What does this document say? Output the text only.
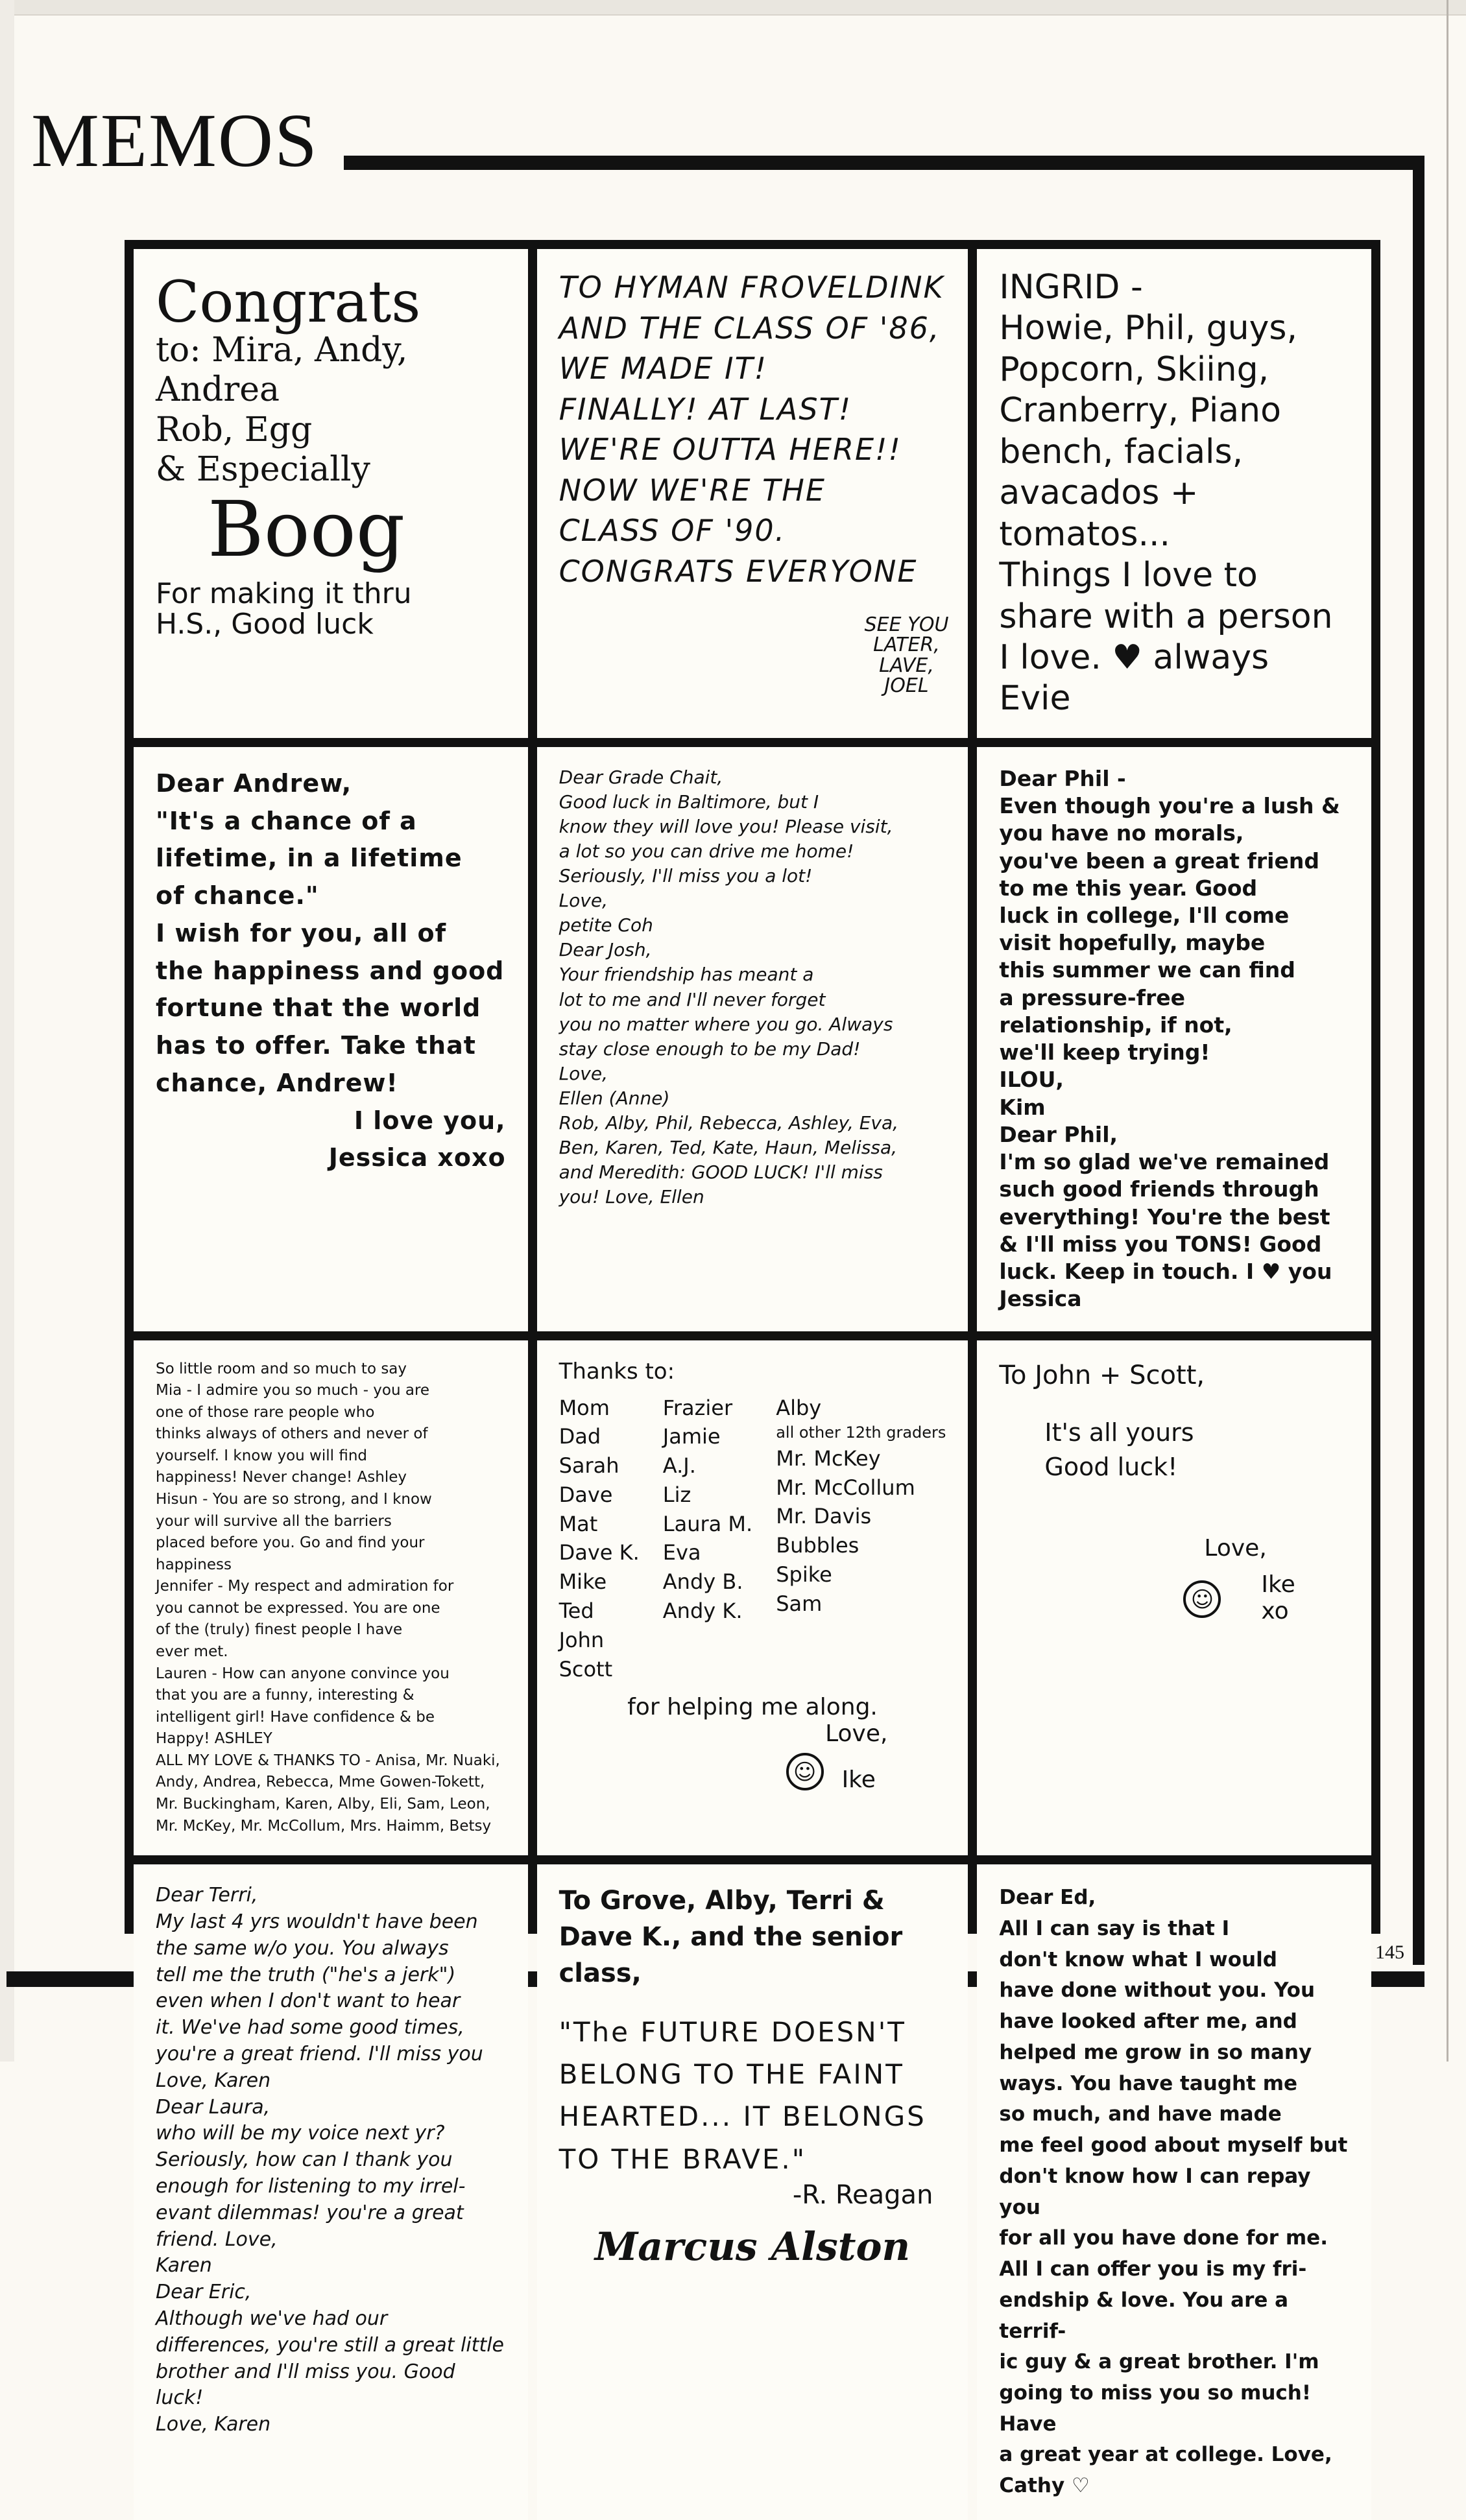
MEMOS
145

Congrats

to: Mira, Andy, Andrea
Rob, Egg
& Especially

Boog

For making it thru
H.S., Good luck

TO HYMAN FROVELDINK
AND THE CLASS OF '86,
WE MADE IT!
FINALLY! AT LAST!
WE'RE OUTTA HERE!!
NOW WE'RE THE
CLASS OF '90.
CONGRATS EVERYONE

SEE YOU
LATER,
LAVE,
JOEL

INGRID -
Howie, Phil, guys,
Popcorn, Skiing,
Cranberry, Piano
bench, facials,
avacados + tomatos...
Things I love to
share with a person
I love. ♥ always Evie

Dear Andrew,
"It's a chance of a
lifetime, in a lifetime
of chance."
I wish for you, all of
the happiness and good
fortune that the world
has to offer. Take that
chance, Andrew!

I love you,
Jessica xoxo

Dear Grade Chait,
Good luck in Baltimore, but I
know they will love you! Please visit,
a lot so you can drive me home!
Seriously, I'll miss you a lot!
Love,
petite Coh
Dear Josh,
Your friendship has meant a
lot to me and I'll never forget
you no matter where you go. Always
stay close enough to be my Dad!
Love,
Ellen (Anne)
Rob, Alby, Phil, Rebecca, Ashley, Eva,
Ben, Karen, Ted, Kate, Haun, Melissa,
and Meredith: GOOD LUCK! I'll miss
you! Love, Ellen

Dear Phil -
Even though you're a lush &
you have no morals,
you've been a great friend
to me this year. Good
luck in college, I'll come
visit hopefully, maybe
this summer we can find
a pressure-free
relationship, if not,
we'll keep trying!
ILOU,
Kim
Dear Phil,
I'm so glad we've remained
such good friends through
everything! You're the best
& I'll miss you TONS! Good
luck. Keep in touch. I ♥ you
Jessica

So little room and so much to say
Mia - I admire you so much - you are
one of those rare people who
thinks always of others and never of
yourself. I know you will find
happiness! Never change! Ashley
Hisun - You are so strong, and I know
your will survive all the barriers
placed before you. Go and find your
happiness
Jennifer - My respect and admiration for
you cannot be expressed. You are one
of the (truly) finest people I have
ever met.
Lauren - How can anyone convince you
that you are a funny, interesting &
intelligent girl! Have confidence & be
Happy! ASHLEY
ALL MY LOVE & THANKS TO - Anisa, Mr. Nuaki,
Andy, Andrea, Rebecca, Mme Gowen-Tokett,
Mr. Buckingham, Karen, Alby, Eli, Sam, Leon,
Mr. McKey, Mr. McCollum, Mrs. Haimm, Betsy

Thanks to:

Mom

Dad

Sarah

Dave

Mat

Dave K.

Mike

Ted

John

Scott

Frazier

Jamie

A.J.

Liz

Laura M.

Eva

Andy B.

Andy K.

Alby

all other 12th graders

Mr. McKey

Mr. McCollum

Mr. Davis

Bubbles

Spike

Sam

for helping me along.

Love,

☺	Ike

To John + Scott,

It's all yours
Good luck!

Love,

☺

Ike
xo

Dear Terri,
My last 4 yrs wouldn't have been
the same w/o you. You always
tell me the truth ("he's a jerk")
even when I don't want to hear
it. We've had some good times,
you're a great friend. I'll miss you
Love, Karen
Dear Laura,
who will be my voice next yr?
Seriously, how can I thank you
enough for listening to my irrel-
evant dilemmas! you're a great
friend. Love,
Karen
Dear Eric,
Although we've had our
differences, you're still a great little
brother and I'll miss you. Good luck!
Love, Karen

To Grove, Alby, Terri &
Dave K., and the senior class,

"The FUTURE DOESN'T
BELONG TO THE FAINT
HEARTED... IT BELONGS
TO THE BRAVE."

-R. Reagan

Marcus Alston

Dear Ed,
All I can say is that I
don't know what I would
have done without you. You
have looked after me, and
helped me grow in so many
ways. You have taught me
so much, and have made
me feel good about myself but
don't know how I can repay you
for all you have done for me.
All I can offer you is my fri-
endship & love. You are a terrif-
ic guy & a great brother. I'm
going to miss you so much! Have
a great year at college. Love,
Cathy ♡
